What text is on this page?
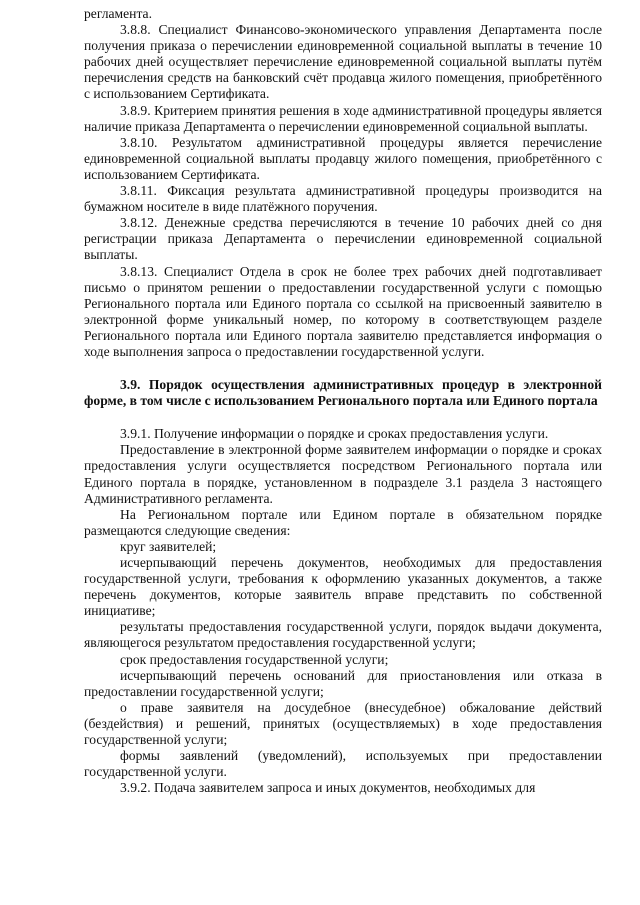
регламента.

3.8.8. Специалист Финансово-экономического управления Департамента после получения приказа о перечислении единовременной социальной выплаты в течение 10 рабочих дней осуществляет перечисление единовременной социальной выплаты путём перечисления средств на банковский счёт продавца жилого помещения, приобретённого с использованием Сертификата.

3.8.9. Критерием принятия решения в ходе административной процедуры является наличие приказа Департамента о перечислении единовременной социальной выплаты.

3.8.10. Результатом административной процедуры является перечисление единовременной социальной выплаты продавцу жилого помещения, приобретённого с использованием Сертификата.

3.8.11. Фиксация результата административной процедуры производится на бумажном носителе в виде платёжного поручения.

3.8.12. Денежные средства перечисляются в течение 10 рабочих дней со дня регистрации приказа Департамента о перечислении единовременной социальной выплаты.

3.8.13. Специалист Отдела в срок не более трех рабочих дней подготавливает письмо о принятом решении о предоставлении государственной услуги с помощью Регионального портала или Единого портала со ссылкой на присвоенный заявителю в электронной форме уникальный номер, по которому в соответствующем разделе Регионального портала или Единого портала заявителю представляется информация о ходе выполнения запроса о предоставлении государственной услуги.

3.9. Порядок осуществления административных процедур в электронной форме, в том числе с использованием Регионального портала или Единого портала

3.9.1. Получение информации о порядке и сроках предоставления услуги.

Предоставление в электронной форме заявителем информации о порядке и сроках предоставления услуги осуществляется посредством Регионального портала или Единого портала в порядке, установленном в подразделе 3.1 раздела 3 настоящего Административного регламента.

На Региональном портале или Едином портале в обязательном порядке размещаются следующие сведения:

круг заявителей;

исчерпывающий перечень документов, необходимых для предоставления государственной услуги, требования к оформлению указанных документов, а также перечень документов, которые заявитель вправе представить по собственной инициативе;

результаты предоставления государственной услуги, порядок выдачи документа, являющегося результатом предоставления государственной услуги;

срок предоставления государственной услуги;

исчерпывающий перечень оснований для приостановления или отказа в предоставлении государственной услуги;

о праве заявителя на досудебное (внесудебное) обжалование действий (бездействия) и решений, принятых (осуществляемых) в ходе предоставления государственной услуги;

формы заявлений (уведомлений), используемых при предоставлении государственной услуги.

3.9.2. Подача заявителем запроса и иных документов, необходимых для
